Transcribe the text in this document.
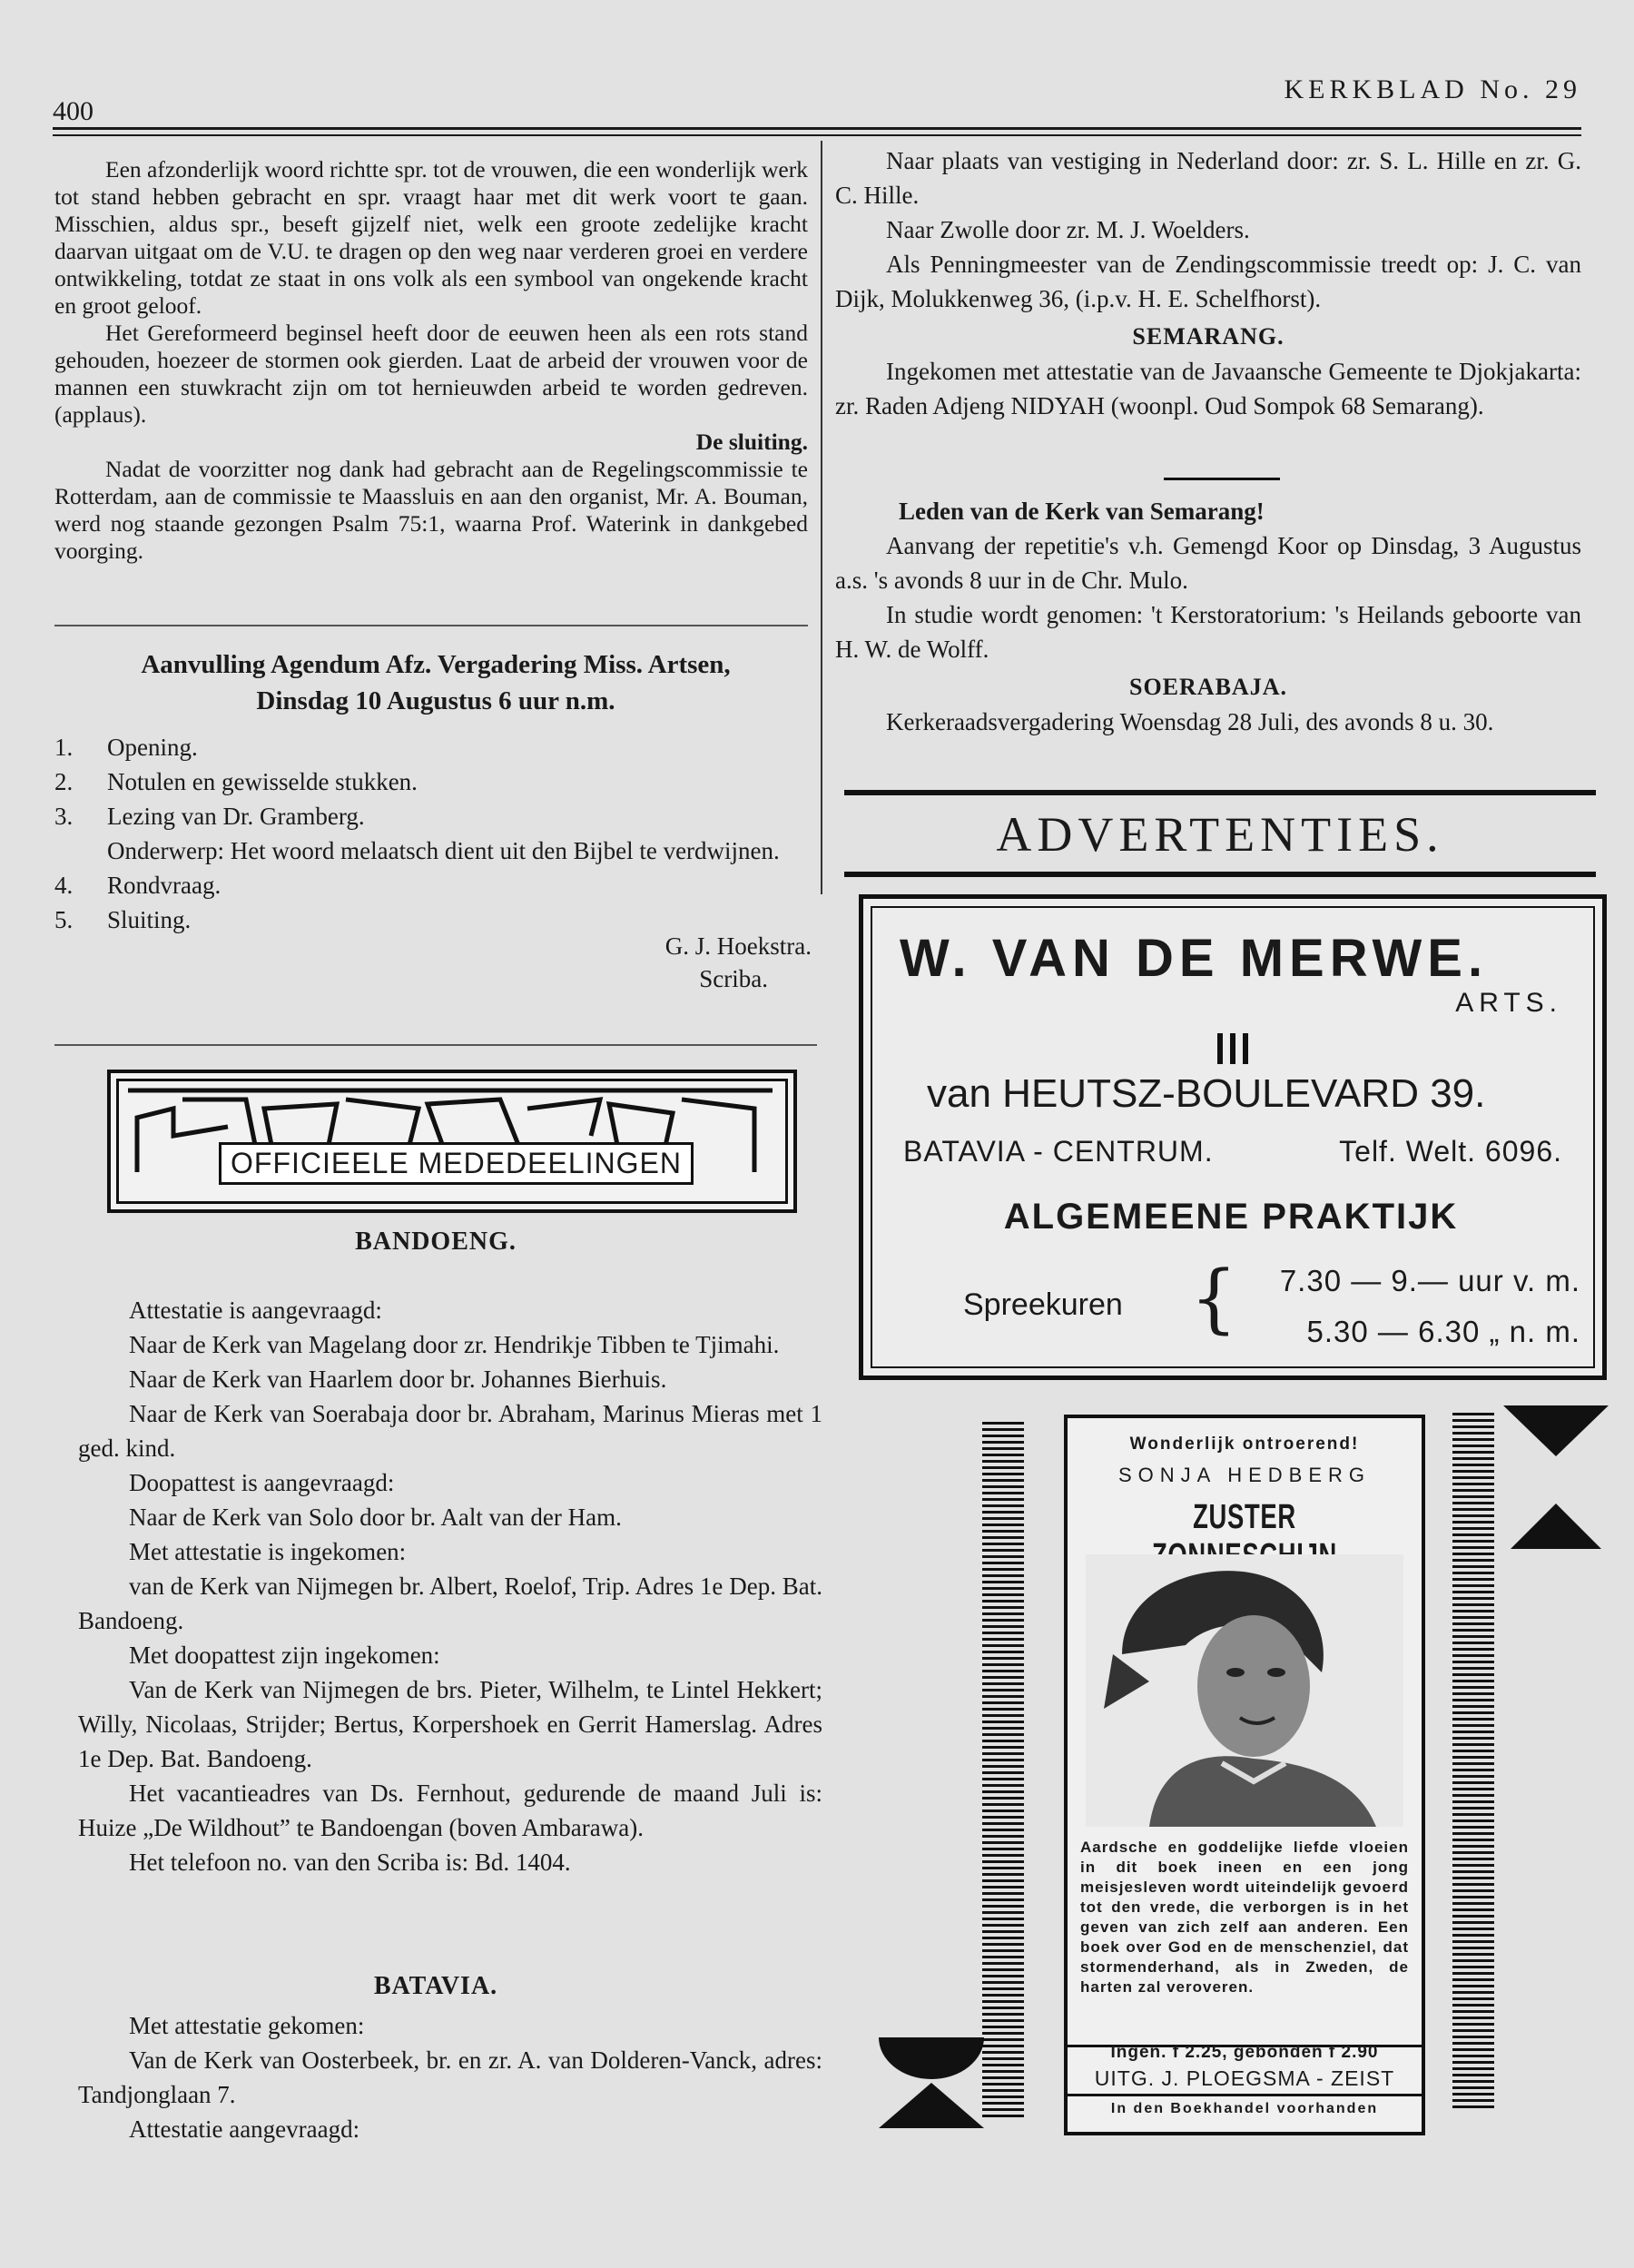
400
KERKBLAD No. 29

Een afzonderlijk woord richtte spr. tot de vrouwen, die een wonderlijk werk tot stand hebben gebracht en spr. vraagt haar met dit werk voort te gaan. Misschien, aldus spr., beseft gijzelf niet, welk een groote zedelijke kracht daarvan uitgaat om de V.U. te dragen op den weg naar verderen groei en verdere ontwikkeling, totdat ze staat in ons volk als een symbool van ongekende kracht en groot geloof.

Het Gereformeerd beginsel heeft door de eeuwen heen als een rots stand gehouden, hoezeer de stormen ook gierden. Laat de arbeid der vrouwen voor de mannen een stuwkracht zijn om tot hernieuwden arbeid te worden gedreven. (applaus).

De sluiting.

Nadat de voorzitter nog dank had gebracht aan de Regelingscommissie te Rotterdam, aan de commissie te Maassluis en aan den organist, Mr. A. Bouman, werd nog staande gezongen Psalm 75:1, waarna Prof. Waterink in dankgebed voorging.

Aanvulling Agendum Afz. Vergadering Miss. Artsen,
Dinsdag 10 Augustus 6 uur n.m.
1.	Opening.
2.	Notulen en gewisselde stukken.
3.	Lezing van Dr. Gramberg.
Onderwerp: Het woord melaatsch dient uit den Bijbel te verdwijnen.
4.	Rondvraag.
5.	Sluiting.
G. J. Hoekstra.
Scriba.
OFFICIEELE MEDEDEELINGEN
BANDOENG.

Attestatie is aangevraagd:

Naar de Kerk van Magelang door zr. Hendrikje Tibben te Tjimahi.

Naar de Kerk van Haarlem door br. Johannes Bierhuis.

Naar de Kerk van Soerabaja door br. Abraham, Marinus Mieras met 1 ged. kind.

Doopattest is aangevraagd:

Naar de Kerk van Solo door br. Aalt van der Ham.

Met attestatie is ingekomen:

van de Kerk van Nijmegen br. Albert, Roelof, Trip. Adres 1e Dep. Bat. Bandoeng.

Met doopattest zijn ingekomen:

Van de Kerk van Nijmegen de brs. Pieter, Wilhelm, te Lintel Hekkert; Willy, Nicolaas, Strijder; Bertus, Korpershoek en Gerrit Hamerslag. Adres 1e Dep. Bat. Bandoeng.

Het vacantieadres van Ds. Fernhout, gedurende de maand Juli is: Huize „De Wildhout” te Bandoengan (boven Ambarawa).

Het telefoon no. van den Scriba is: Bd. 1404.

BATAVIA.

Met attestatie gekomen:

Van de Kerk van Oosterbeek, br. en zr. A. van Dolderen-Vanck, adres: Tandjonglaan 7.

Attestatie aangevraagd:

Naar plaats van vestiging in Nederland door: zr. S. L. Hille en zr. G. C. Hille.

Naar Zwolle door zr. M. J. Woelders.

Als Penningmeester van de Zendingscommissie treedt op: J. C. van Dijk, Molukkenweg 36, (i.p.v. H. E. Schelfhorst).

SEMARANG.

Ingekomen met attestatie van de Javaansche Gemeente te Djokjakarta: zr. Raden Adjeng NIDYAH (woonpl. Oud Sompok 68 Semarang).

Leden van de Kerk van Semarang!

Aanvang der repetitie's v.h. Gemengd Koor op Dinsdag, 3 Augustus a.s. 's avonds 8 uur in de Chr. Mulo.

In studie wordt genomen: 't Kerstoratorium: 's Heilands geboorte van H. W. de Wolff.

SOERABAJA.

Kerkeraadsvergadering Woensdag 28 Juli, des avonds 8 u. 30.

ADVERTENTIES.
W. VAN DE MERWE.
ARTS.
van HEUTSZ-BOULEVARD 39.
BATAVIA - CENTRUM.	Telf. Welt. 6096.
ALGEMEENE PRAKTIJK
Spreekuren {	7.30 — 9.— uur v. m.
5.30 — 6.30 „ n. m.
Wonderlijk ontroerend!
SONJA HEDBERG
ZUSTER
Aardsche en goddelijke liefde vloeien in dit boek ineen en een jong meisjesleven wordt uiteindelijk gevoerd tot den vrede, die verborgen is in het geven van zich zelf aan anderen. Een boek over God en de menschenziel, dat stormenderhand, als in Zweden, de harten zal veroveren.
Ingen. f 2.25, gebonden f 2.90
UITG. J. PLOEGSMA - ZEIST
In den Boekhandel voorhanden
